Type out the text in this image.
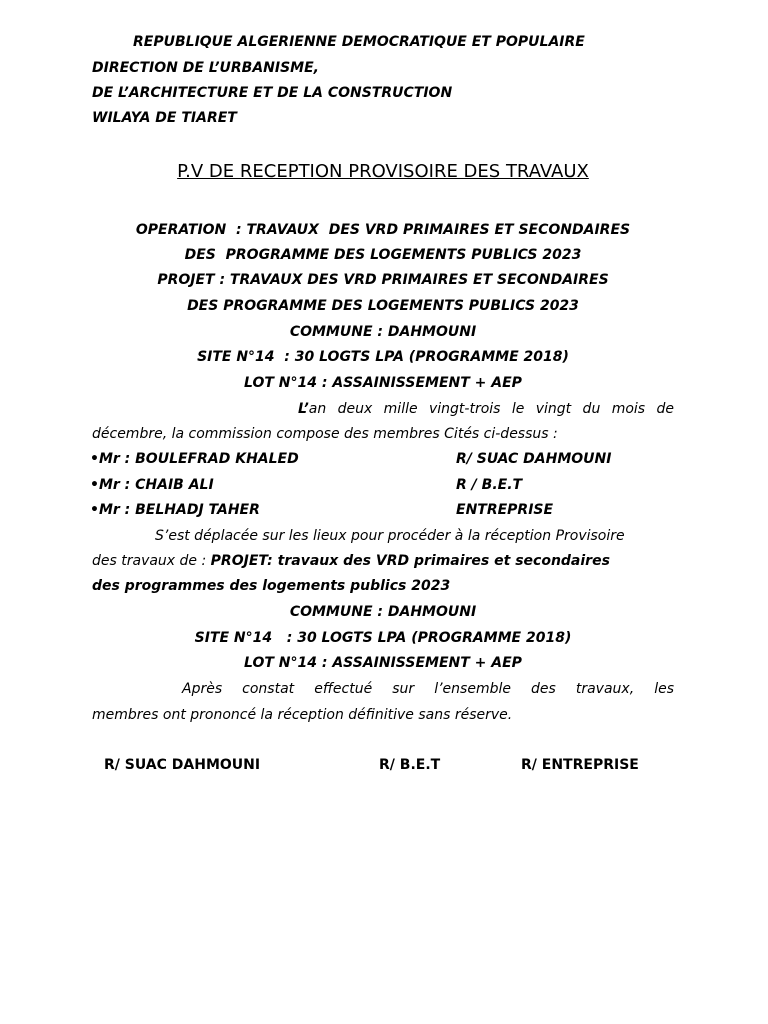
REPUBLIQUE ALGERIENNE DEMOCRATIQUE ET POPULAIRE
DIRECTION DE L’URBANISME,
DE L’ARCHITECTURE ET DE LA CONSTRUCTION
WILAYA DE TIARET
P.V DE RECEPTION PROVISOIRE DES TRAVAUX
OPERATION  : TRAVAUX  DES VRD PRIMAIRES ET SECONDAIRES
DES  PROGRAMME DES LOGEMENTS PUBLICS 2023
PROJET : TRAVAUX DES VRD PRIMAIRES ET SECONDAIRES
DES PROGRAMME DES LOGEMENTS PUBLICS 2023
COMMUNE : DAHMOUNI
SITE N°14  : 30 LOGTS LPA (PROGRAMME 2018)
LOT N°14 : ASSAINISSEMENT + AEP
L’an deux mille vingt-trois le vingt du mois de
décembre, la commission compose des membres Cités ci-dessus :
•Mr : BOULEFRAD KHALED	R/ SUAC DAHMOUNI
•Mr : CHAIB ALI	R / B.E.T
•Mr : BELHADJ TAHER	ENTREPRISE
S’est déplacée sur les lieux pour procéder à la réception Provisoire
des travaux de : PROJET: travaux des VRD primaires et secondaires
des programmes des logements publics 2023
COMMUNE : DAHMOUNI
SITE N°14   : 30 LOGTS LPA (PROGRAMME 2018)
LOT N°14 : ASSAINISSEMENT + AEP
Après constat effectué sur l’ensemble des travaux, les
membres ont prononcé la réception définitive sans réserve.
R/ SUAC DAHMOUNI	R/ B.E.T	R/ ENTREPRISE
